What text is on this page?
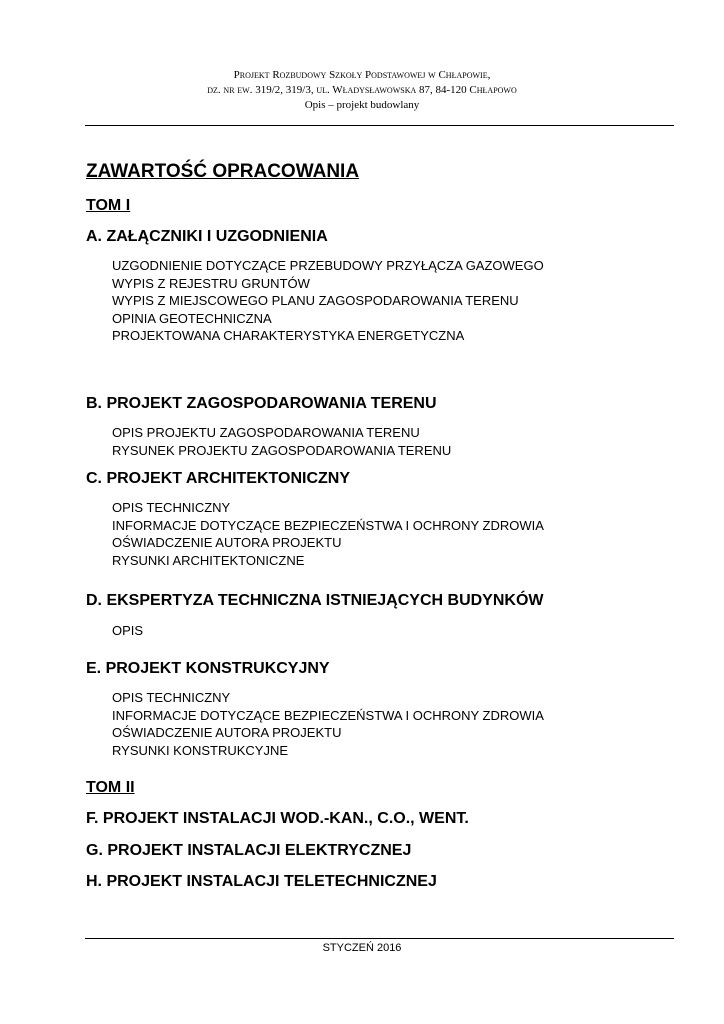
Projekt Rozbudowy Szkoły Podstawowej w Chłapowie,
dz. nr ew. 319/2, 319/3, ul. Władysławowska 87, 84-120 Chłapowo
Opis – projekt budowlany
ZAWARTOŚĆ OPRACOWANIA
TOM I
A. ZAŁĄCZNIKI I UZGODNIENIA
UZGODNIENIE DOTYCZĄCE PRZEBUDOWY PRZYŁĄCZA GAZOWEGO
WYPIS Z REJESTRU GRUNTÓW
WYPIS Z MIEJSCOWEGO PLANU ZAGOSPODAROWANIA TERENU
OPINIA GEOTECHNICZNA
PROJEKTOWANA CHARAKTERYSTYKA ENERGETYCZNA
B. PROJEKT ZAGOSPODAROWANIA TERENU
OPIS PROJEKTU ZAGOSPODAROWANIA TERENU
RYSUNEK PROJEKTU ZAGOSPODAROWANIA TERENU
C. PROJEKT ARCHITEKTONICZNY
OPIS TECHNICZNY
INFORMACJE DOTYCZĄCE BEZPIECZEŃSTWA I OCHRONY ZDROWIA
OŚWIADCZENIE AUTORA PROJEKTU
RYSUNKI ARCHITEKTONICZNE
D. EKSPERTYZA TECHNICZNA ISTNIEJĄCYCH BUDYNKÓW
OPIS
E. PROJEKT KONSTRUKCYJNY
OPIS TECHNICZNY
INFORMACJE DOTYCZĄCE BEZPIECZEŃSTWA I OCHRONY ZDROWIA
OŚWIADCZENIE AUTORA PROJEKTU
RYSUNKI KONSTRUKCYJNE
TOM II
F. PROJEKT INSTALACJI WOD.-KAN., C.O., WENT.
G. PROJEKT INSTALACJI ELEKTRYCZNEJ
H. PROJEKT INSTALACJI TELETECHNICZNEJ
STYCZEŃ 2016
